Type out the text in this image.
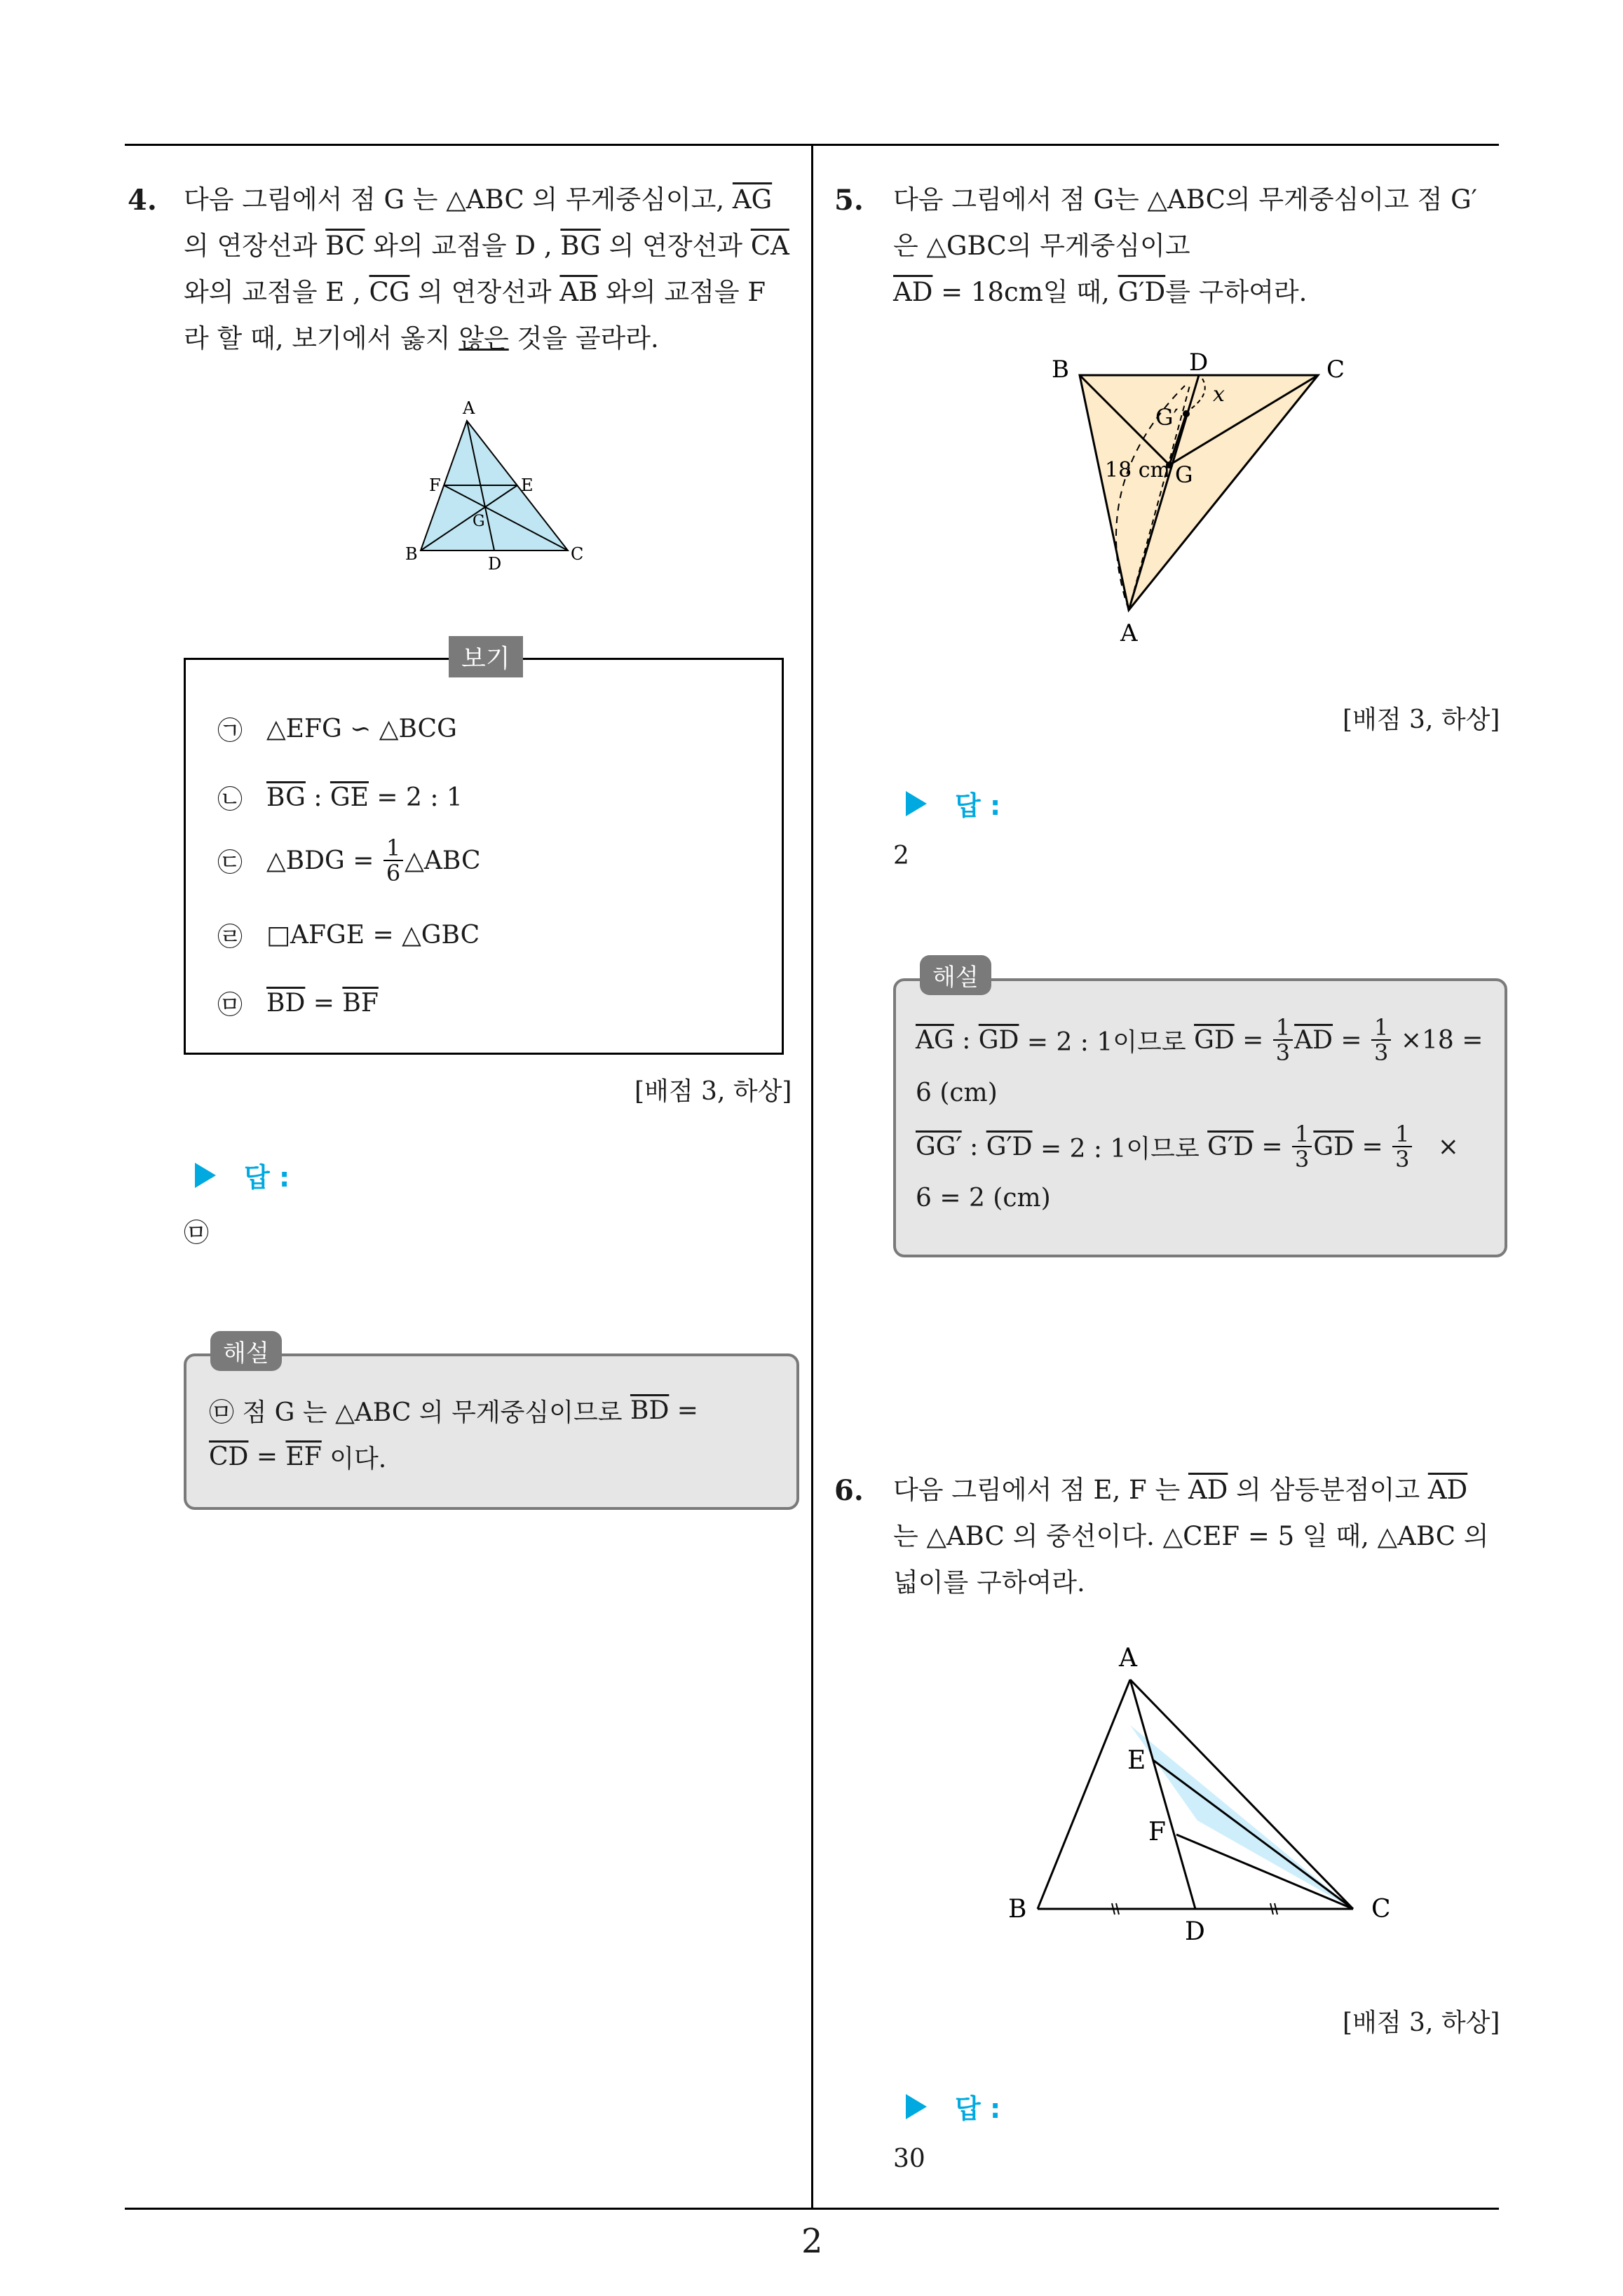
4. 다음 그림에서 점 G 는 △ABC 의 무게중심이고, $\overline{AG}$

의 연장선과 $\overline{BC}$ 와의 교점을 D , $\overline{BG}$ 의 연장선과 $\overline{CA}$

와의 교점을 E , $\overline{CG}$ 의 연장선과 $\overline{AB}$ 와의 교점을 F

라 할 때, 보기에서 옳지 않은 것을 골라라.

A
F	E
G
B	D	C
보기
㉠ △EFG ∽ △BCG
㉡ $\overline{BG}$ : $\overline{GE} = 2$ : 1
㉢ △BDG = $\frac{1}{6}$ △ABC
㉣ □AFGE = △GBC
㉤ $\overline{BD} = \overline{BF}$
[배점 3, 하상]
답 :
㉤
해설
㉤ 점 G 는 △ABC 의 무게중심이므로 $\overline{BD}$ =
$\overline{CD} = \overline{EF}$ 이다.
5. 다음 그림에서 점 G는 △ABC의 무게중심이고 점 G′

은 △GBC의 무게중심이고

$\overline{AD} = 18cm$일 때, G′D를 구하여라.

B	D	C
x
G′
18 cm G
A
[배점 3, 하상]
답 :
2
해설
$\overline{AG}$ : $\overline{GD} = 2$ : 1이므로 $\overline{GD} = \frac{1}{3} \overline{AD} = \frac{1}{3} \times 18$ =
6 (cm)
GG′ : G′D = 2 : 1이므로 $G'D = \frac{1}{3} \overline{GD} = \frac{1}{3}$ ×
6 = 2 (cm)
6. 다음 그림에서 점 E, F 는 $\overline{AD}$ 의 삼등분점이고 $\overline{AD}$

는 △ABC 의 중선이다. △CEF = 5 일 때, △ABC 의

넓이를 구하여라.

A
E
F
B
D
C
[배점 3, 하상]
답 :
30
2
